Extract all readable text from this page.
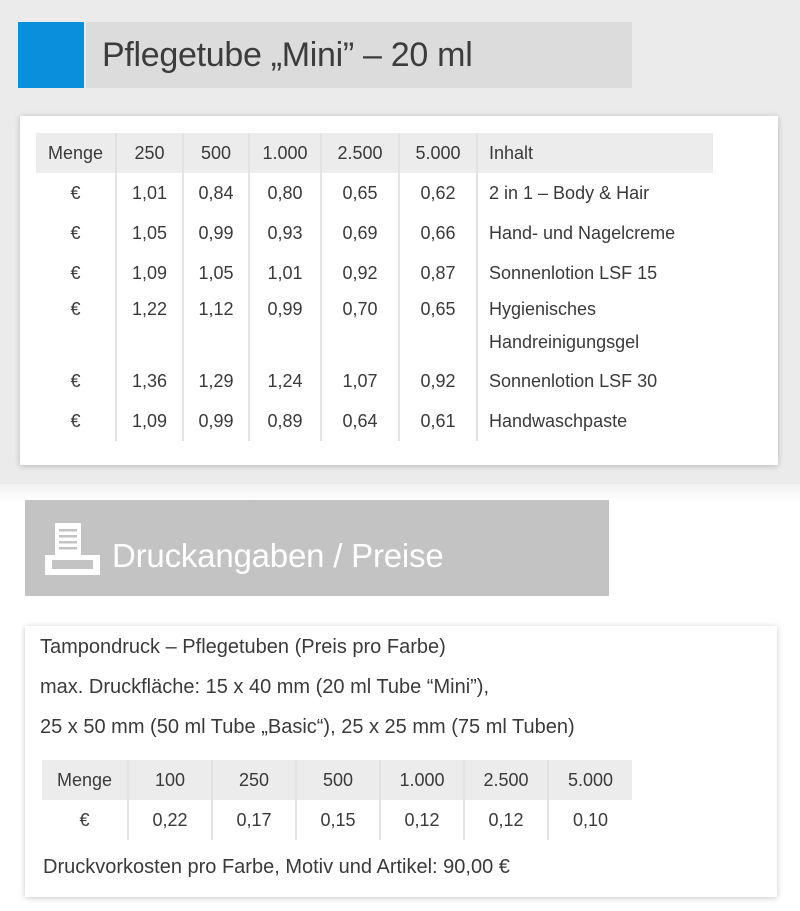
Pflegetube „Mini” – 20 ml
Menge	250	500	1.000	2.500	5.000	Inhalt
€	1,01	0,84	0,80	0,65	0,62	2 in 1 – Body & Hair
€	1,05	0,99	0,93	0,69	0,66	Hand- und Nagelcreme
€	1,09	1,05	1,01	0,92	0,87	Sonnenlotion LSF 15
€	1,22	1,12	0,99	0,70	0,65	Hygienisches
Handreinigungsgel

€	1,36	1,29	1,24	1,07	0,92	Sonnenlotion LSF 30
€	1,09	0,99	0,89	0,64	0,61	Handwaschpaste
Druckangaben / Preise
Tampondruck – Pflegetuben (Preis pro Farbe)
max. Druckfläche: 15 x 40 mm (20 ml Tube “Mini”),
25 x 50 mm (50 ml Tube „Basic“), 25 x 25 mm (75 ml Tuben)
Menge	100	250	500	1.000	2.500	5.000
€	0,22	0,17	0,15	0,12	0,12	0,10
Druckvorkosten pro Farbe, Motiv und Artikel: 90,00 €
